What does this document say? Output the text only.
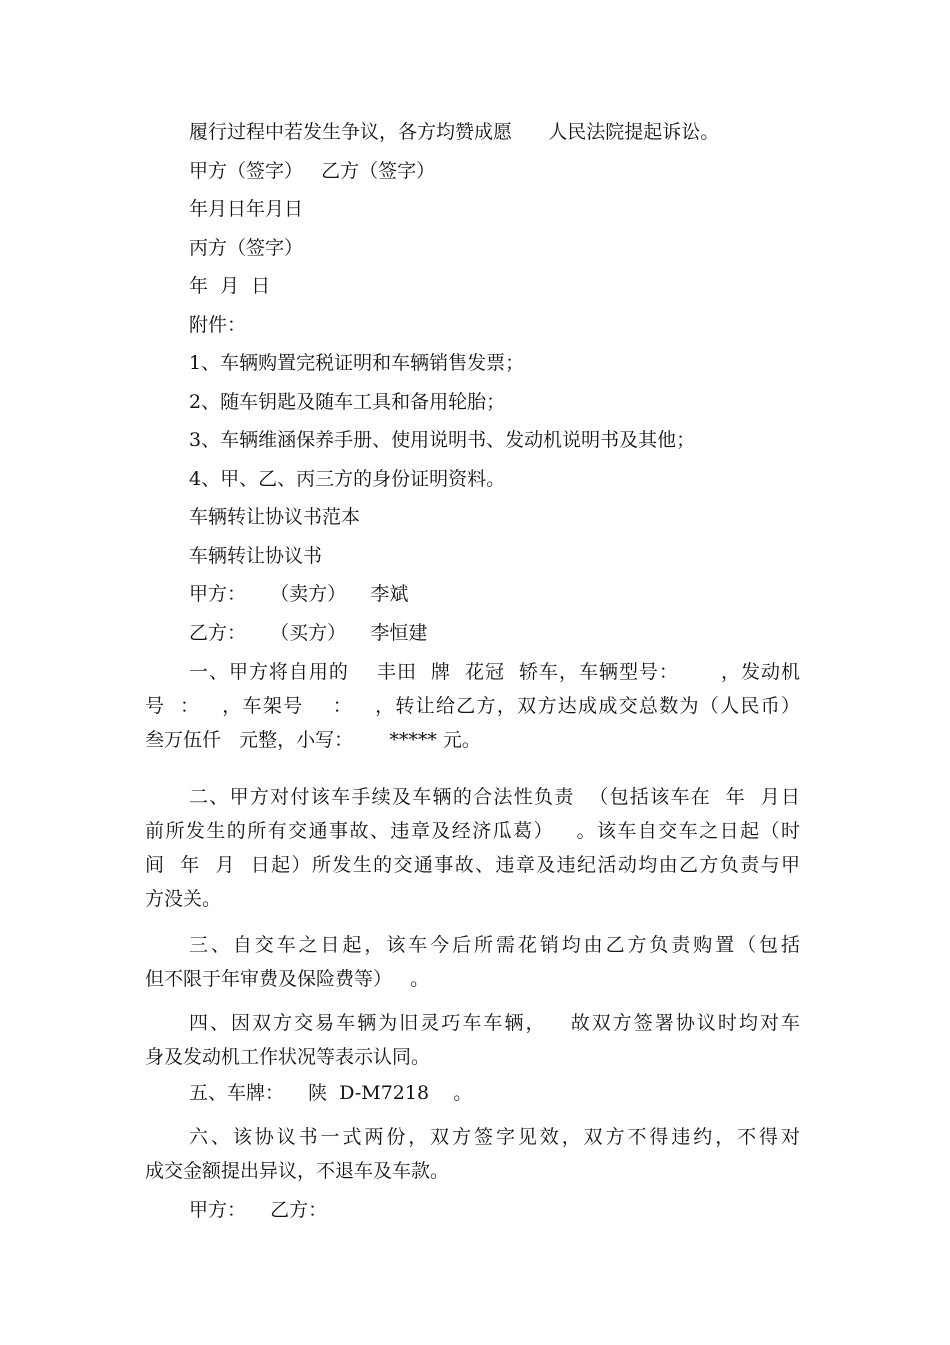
履行过程中若发生争议，各方均赞成愿      人民法院提起诉讼。

甲方（签字）   乙方（签字）

年月日年月日

丙方（签字）

年  月  日

附件：

1、车辆购置完税证明和车辆销售发票；

2、随车钥匙及随车工具和备用轮胎；

3、车辆维涵保养手册、使用说明书、发动机说明书及其他；

4、甲、乙、丙三方的身份证明资料。

车辆转让协议书范本

车辆转让协议书

甲方：    （卖方）    李斌

乙方：    （买方）    李恒建

一、甲方将自用的    丰田  牌  花冠  轿车，车辆型号：      ，发动机
号  ：   ，车架号    ：   ，转让给乙方，双方达成成交总数为（人民币）
叁万伍仟   元整，小写：      ***** 元。
二、甲方对付该车手续及车辆的合法性负责  （包括该车在  年  月日
前所发生的所有交通事故、违章及经济瓜葛）   。该车自交车之日起（时
间  年  月  日起）所发生的交通事故、违章及违纪活动均由乙方负责与甲
方没关。
三、自交车之日起，该车今后所需花销均由乙方负责购置（包括
但不限于年审费及保险费等）   。
四、因双方交易车辆为旧灵巧车车辆，   故双方签署协议时均对车
身及发动机工作状况等表示认同。

五、车牌：    陕  D-M7218    。

六、该协议书一式两份，双方签字见效，双方不得违约，不得对
成交金额提出异议，不退车及车款。

甲方：    乙方：
